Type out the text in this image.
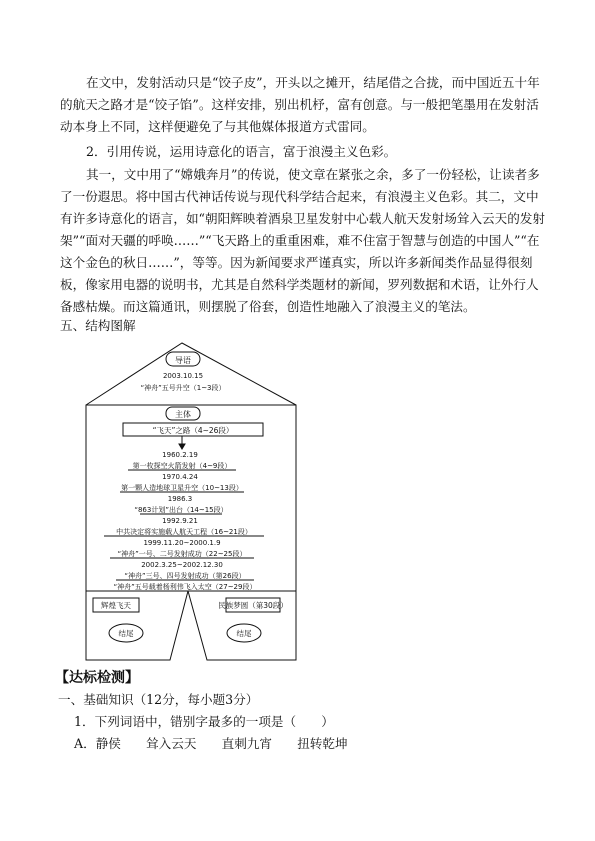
在文中，发射活动只是“饺子皮”，开头以之摊开，结尾借之合拢，而中国近五十年的航天之路才是“饺子馅”。这样安排，别出机杼，富有创意。与一般把笔墨用在发射活动本身上不同，这样便避免了与其他媒体报道方式雷同。

2．引用传说，运用诗意化的语言，富于浪漫主义色彩。

其一，文中用了“嫦娥奔月”的传说，使文章在紧张之余，多了一份轻松，让读者多了一份遐思。将中国古代神话传说与现代科学结合起来，有浪漫主义色彩。其二，文中有许多诗意化的语言，如“朝阳辉映着酒泉卫星发射中心载人航天发射场耸入云天的发射架”“面对天疆的呼唤……”“飞天路上的重重困难，难不住富于智慧与创造的中国人”“在这个金色的秋日……”，等等。因为新闻要求严谨真实，所以许多新闻类作品显得很刻板，像家用电器的说明书，尤其是自然科学类题材的新闻，罗列数据和术语，让外行人备感枯燥。而这篇通讯，则摆脱了俗套，创造性地融入了浪漫主义的笔法。

五、结构图解

导语
2003.10.15
“神舟”五号升空（1~3段）
主体
“飞天”之路（4~26段）
1960.2.19
第一枚探空火箭发射（4~9段）
1970.4.24
第一颗人造地球卫星升空（10~13段）
1986.3
“863计划”出台（14~15段）
1992.9.21
中共决定将实施载人航天工程（16~21段）
1999.11.20~2000.1.9
“神舟”一号、二号发射成功（22~25段）
2002.3.25~2002.12.30
“神舟”三号、四号发射成功（第26段）
“神舟”五号载着杨利伟飞入太空（27~29段）
辉煌飞天	民族梦圆（第30段）
结尾	结尾

【达标检测】

一、基础知识（12分，每小题3分）

1．下列词语中，错别字最多的一项是（　　）

A．静侯　　耸入云天　　直刺九宵　　扭转乾坤
